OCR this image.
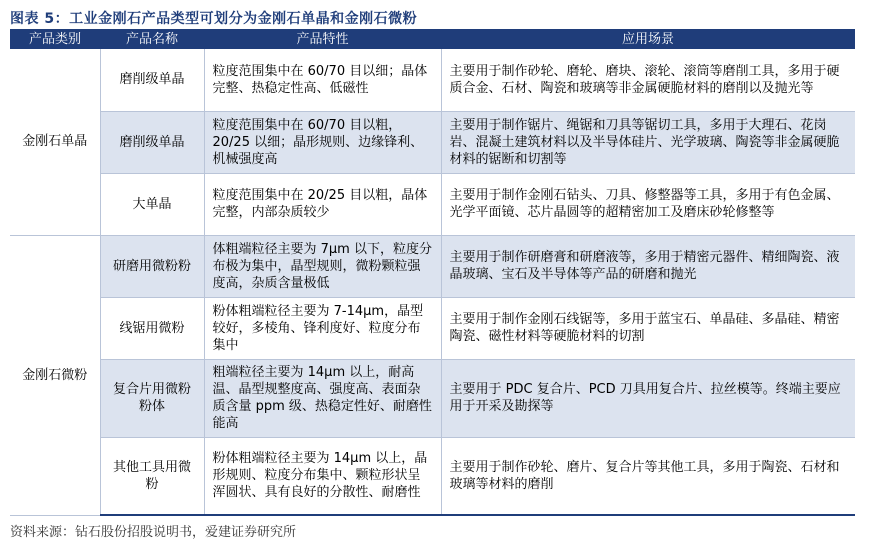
图表 5：工业金刚石产品类型可划分为金刚石单晶和金刚石微粉
产品类别	产品名称	产品特性	应用场景
金刚石单晶	磨削级单晶	粒度范围集中在 60/70 目以细；晶体完整、热稳定性高、低磁性	主要用于制作砂轮、磨轮、磨块、滚轮、滚筒等磨削工具，多用于硬质合金、石材、陶瓷和玻璃等非金属硬脆材料的磨削以及抛光等
	磨削级单晶	粒度范围集中在 60/70 目以粗，20/25 以细；晶形规则、边缘锋利、机械强度高	主要用于制作锯片、绳锯和刀具等锯切工具，多用于大理石、花岗岩、混凝土建筑材料以及半导体硅片、光学玻璃、陶瓷等非金属硬脆材料的锯断和切割等
	大单晶	粒度范围集中在 20/25 目以粗，晶体完整，内部杂质较少	主要用于制作金刚石钻头、刀具、修整器等工具，多用于有色金属、光学平面镜、芯片晶圆等的超精密加工及磨床砂轮修整等
金刚石微粉	研磨用微粉粉	体粗端粒径主要为 7μm 以下，粒度分布极为集中，晶型规则，微粉颗粒强度高，杂质含量极低	主要用于制作研磨膏和研磨液等，多用于精密元器件、精细陶瓷、液晶玻璃、宝石及半导体等产品的研磨和抛光
	线锯用微粉	粉体粗端粒径主要为 7-14μm，晶型较好，多棱角、锋利度好、粒度分布集中	主要用于制作金刚石线锯等，多用于蓝宝石、单晶硅、多晶硅、精密陶瓷、磁性材料等硬脆材料的切割
	复合片用微粉粉体	粗端粒径主要为 14μm 以上，耐高温、晶型规整度高、强度高、表面杂质含量 ppm 级、热稳定性好、耐磨性能高	主要用于 PDC 复合片、PCD 刀具用复合片、拉丝模等。终端主要应用于开采及勘探等
	其他工具用微粉	粉体粗端粒径主要为 14μm 以上，晶形规则、粒度分布集中、颗粒形状呈浑圆状、具有良好的分散性、耐磨性	主要用于制作砂轮、磨片、复合片等其他工具，多用于陶瓷、石材和玻璃等材料的磨削
资料来源：钻石股份招股说明书，爱建证券研究所
